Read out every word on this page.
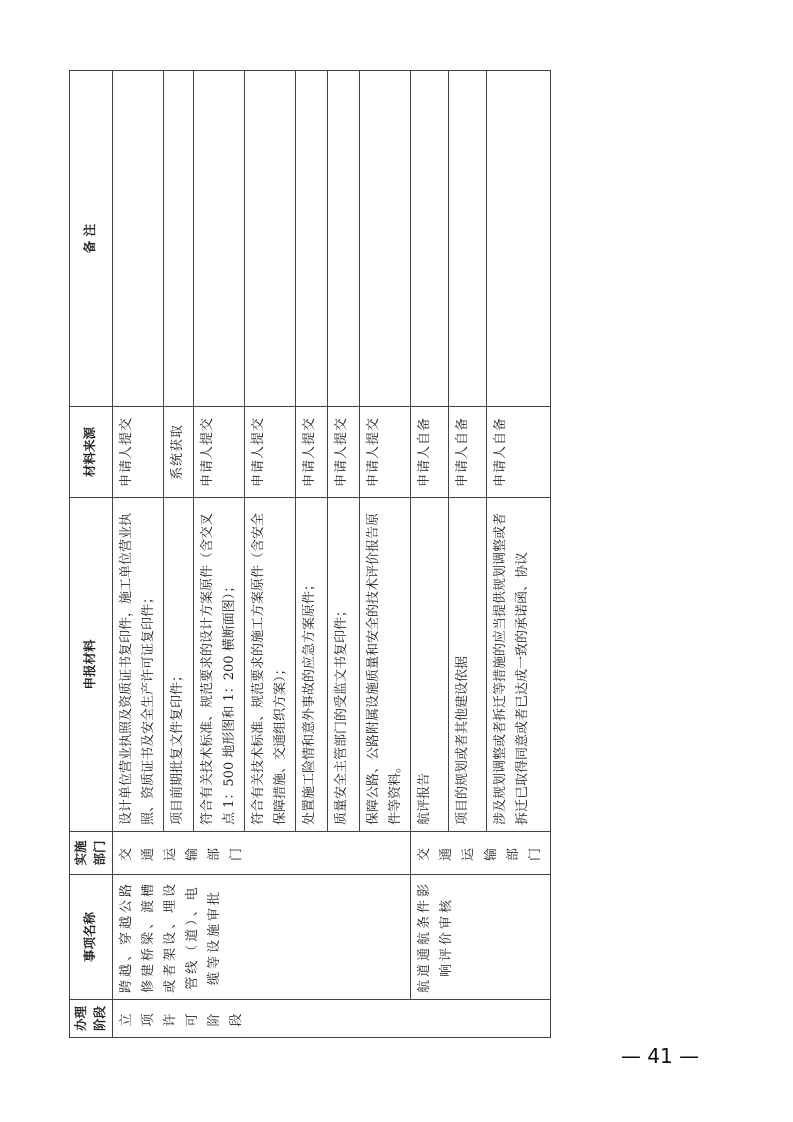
办理阶段	事项名称	实施部门	申报材料	材料来源	备 注
立项许可阶段	跨越、穿越公路修建桥梁、渡槽或者架设、埋设管线（道）、电缆等设施审批	交通运输部门	设计单位营业执照及资质证书复印件，施工单位营业执照、资质证书及安全生产许可证复印件；	申请人提交	
			项目前期批复文件复印件；	系统获取	
			符合有关技术标准、规范要求的设计方案原件（含交叉点 1：500 地形图和 1：200 横断面图）；	申请人提交	
			符合有关技术标准、规范要求的施工方案原件（含安全保障措施、交通组织方案）；	申请人提交	
			处置施工险情和意外事故的应急方案原件；	申请人提交	
			质量安全主管部门的受监文书复印件；	申请人提交	
			保障公路、公路附属设施质量和安全的技术评价报告原件等资料。	申请人提交	
	航道通航条件影响评价审核	交通运输部门	航评报告	申请人自备	
			项目的规划或者其他建设依据	申请人自备	
			涉及规划调整或者拆迁等措施的应当提供规划调整或者拆迁已取得同意或者已达成一致的承诺函、协议	申请人自备	
— 41 —
